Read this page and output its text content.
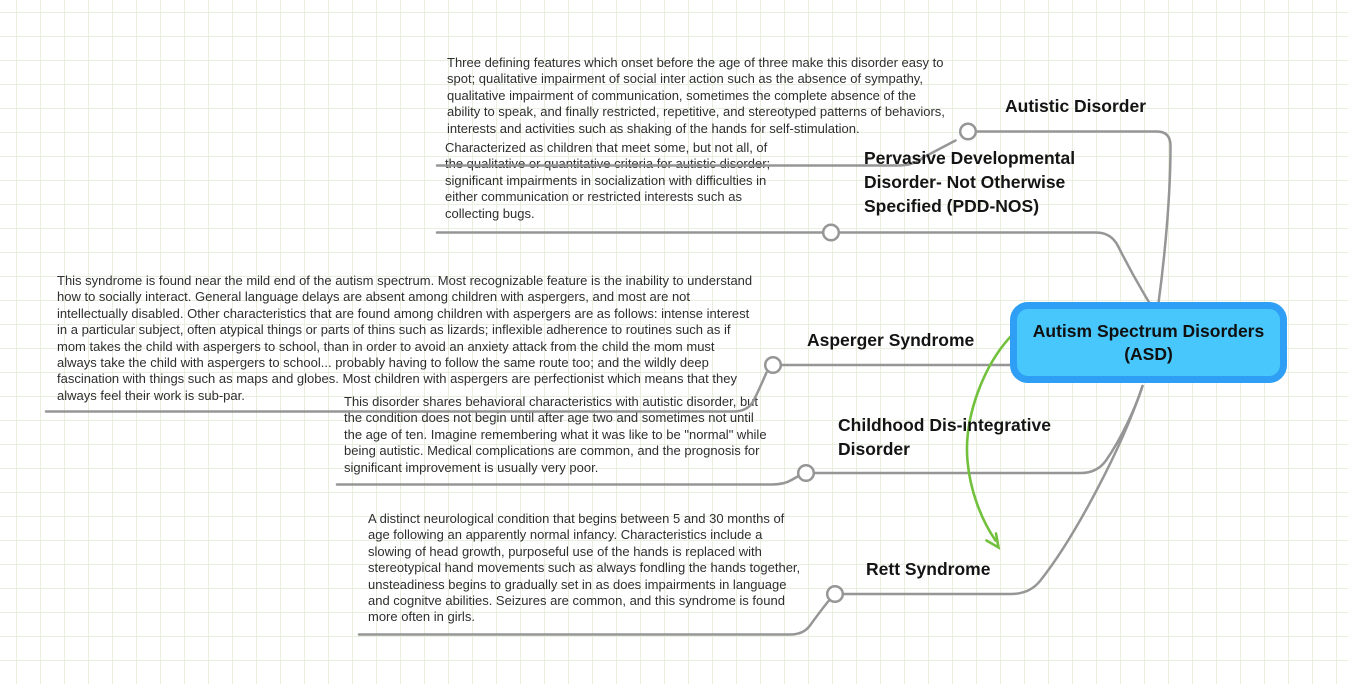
Three defining features which onset before the age of three make this disorder easy to spot; qualitative impairment of social inter action such as the absence of sympathy, qualitative impairment of communication, sometimes the complete absence of the ability to speak, and finally restricted, repetitive, and stereotyped patterns of behaviors, interests and activities such as shaking of the hands for self-stimulation.
Characterized as children that meet some, but not all, of the qualitative or quantitative criteria for autistic disorder; significant impairments in socialization with difficulties in either communication or restricted interests such as collecting bugs.
This syndrome is found near the mild end of the autism spectrum. Most recognizable feature is the inability to understand how to socially interact. General language delays are absent among children with aspergers, and most are not intellectually disabled. Other characteristics that are found among children with aspergers are as follows: intense interest in a particular subject, often atypical things or parts of thins such as lizards; inflexible adherence to routines such as if mom takes the child with aspergers to school, than in order to avoid an anxiety attack from the child the mom must always take the child with aspergers to school... probably having to follow the same route too; and the wildly deep fascination with things such as maps and globes. Most children with aspergers are perfectionist which means that they always feel their work is sub-par.	This disorder shares behavioral characteristics with autistic disorder, but the condition does not begin until after age two and sometimes not until the age of ten. Imagine remembering what it was like to be "normal" while being autistic. Medical complications are common, and the prognosis for significant improvement is usually very poor.
A distinct neurological condition that begins between 5 and 30 months of age following an apparently normal infancy. Characteristics include a slowing of head growth, purposeful use of the hands is replaced with stereotypical hand movements such as always fondling the hands together, unsteadiness begins to gradually set in as does impairments in language and cognitve abilities. Seizures are common, and this syndrome is found more often in girls.
Autistic Disorder
Pervasive Developmental Disorder- Not Otherwise Specified (PDD-NOS)
Asperger Syndrome
Childhood Dis-integrative Disorder
Rett Syndrome
Autism Spectrum Disorders (ASD)
